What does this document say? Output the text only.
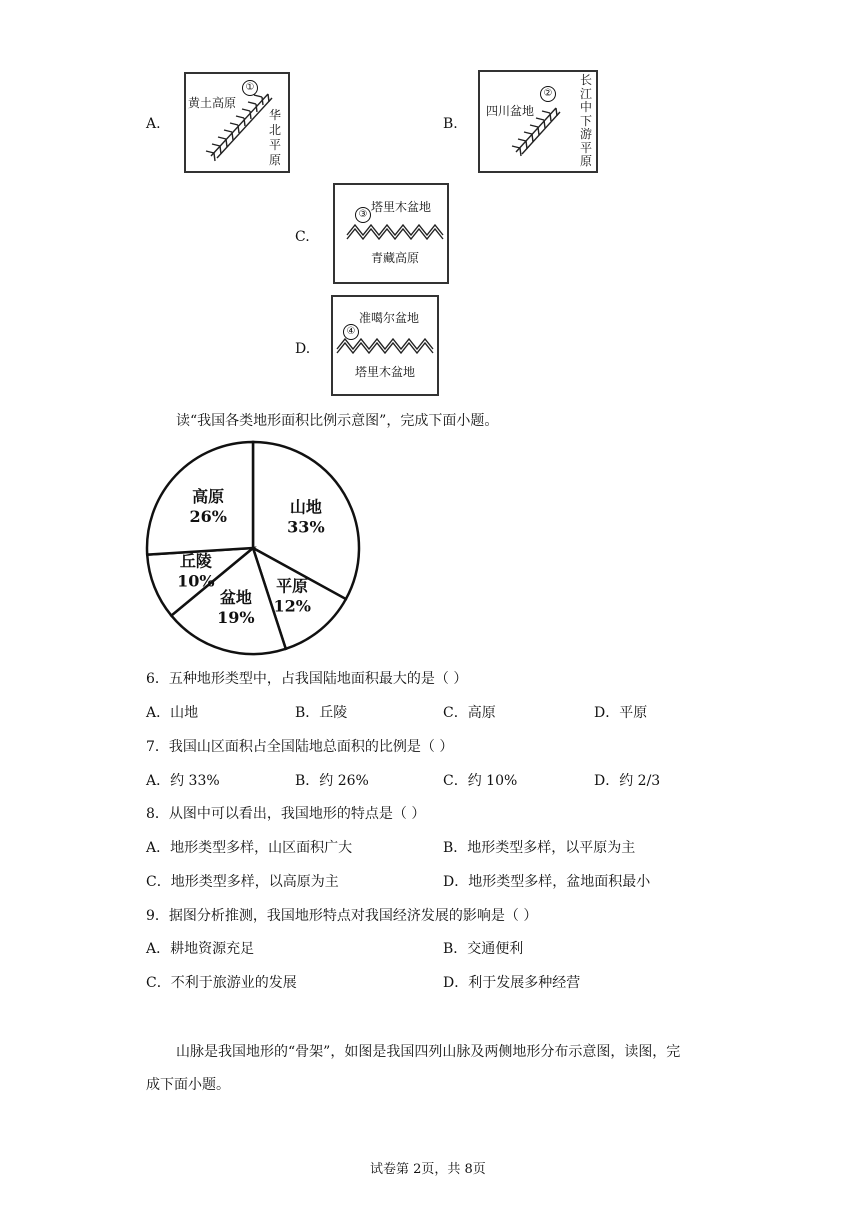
A.	B.
C.
D.
①
黄土高原
华北平原
②
四川盆地
长江中下游平原
塔里木盆地
③
青藏高原
准噶尔盆地
④
塔里木盆地
读“我国各类地形面积比例示意图”，完成下面小题。
山地
33%
平原
12%
盆地
19%
丘陵
10%
高原
26%
6．五种地形类型中，占我国陆地面积最大的是（ ）
A．山地	B．丘陵	C．高原	D．平原
7．我国山区面积占全国陆地总面积的比例是（ ）
A．约 33%	B．约 26%	C．约 10%	D．约 2/3
8．从图中可以看出，我国地形的特点是（ ）
A．地形类型多样，山区面积广大	B．地形类型多样，以平原为主
C．地形类型多样，以高原为主	D．地形类型多样，盆地面积最小
9．据图分析推测，我国地形特点对我国经济发展的影响是（ ）
A．耕地资源充足	B．交通便利
C．不利于旅游业的发展	D．利于发展多种经营
山脉是我国地形的“骨架”，如图是我国四列山脉及两侧地形分布示意图，读图，完
成下面小题。
试卷第 2页，共 8页
